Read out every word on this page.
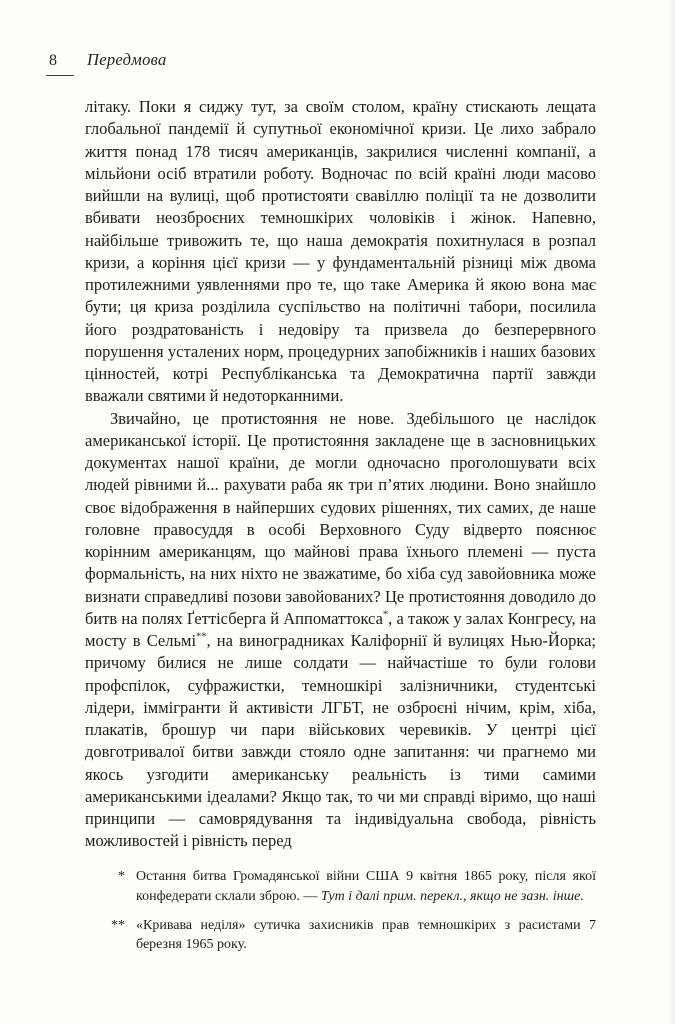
8	Передмова

літаку. Поки я сиджу тут, за своїм столом, країну стискають лещата глобальної пандемії й супутньої економічної кризи. Це лихо забрало життя понад 178 тисяч американців, закрилися численні компанії, а мільйони осіб втратили роботу. Водночас по всій країні люди масово вийшли на вулиці, щоб протистояти свавіллю поліції та не дозволити вбивати неозброєних темношкірих чоловіків і жінок. Напевно, найбільше тривожить те, що наша демократія похитнулася в розпал кризи, а коріння цієї кризи — у фундаментальній різниці між двома протилежними уявленнями про те, що таке Америка й якою вона має бути; ця криза розділила суспільство на політичні табори, посилила його роздратованість і недовіру та призвела до безперервного порушення усталених норм, процедурних запобіжників і наших базових цінностей, котрі Республіканська та Демократична партії завжди вважали святими й недоторканними.

Звичайно, це протистояння не нове. Здебільшого це наслідок американської історії. Це протистояння закладене ще в засновницьких документах нашої країни, де могли одночасно проголошувати всіх людей рівними й... рахувати раба як три п’ятих людини. Воно знайшло своє відображення в найперших судових рішеннях, тих самих, де наше головне правосуддя в особі Верховного Суду відверто пояснює корінним американцям, що майнові права їхнього племені — пуста формальність, на них ніхто не зважатиме, бо хіба суд завойовника може визнати справедливі позови завойованих? Це протистояння доводило до битв на полях Ґеттісберга й Аппоматтокса*, а також у залах Конгресу, на мосту в Сельмі**, на виноградниках Каліфорнії й вулицях Нью-Йорка; причому билися не лише солдати — найчастіше то були голови профспілок, суфражистки, темношкірі залізничники, студентські лідери, іммігранти й активісти ЛГБТ, не озброєні нічим, крім, хіба, плакатів, брошур чи пари військових черевиків. У центрі цієї довготривалої битви завжди стояло одне запитання: чи прагнемо ми якось узгодити американську реальність із тими самими американськими ідеалами? Якщо так, то чи ми справді віримо, що наші принципи — самоврядування та індивідуальна свобода, рівність можливостей і рівність перед

* Остання битва Громадянської війни США 9 квітня 1865 року, після якої конфедерати склали зброю. — Тут і далі прим. перекл., якщо не зазн. інше.
** «Кривава неділя» сутичка захисників прав темношкірих з расистами 7 березня 1965 року.
